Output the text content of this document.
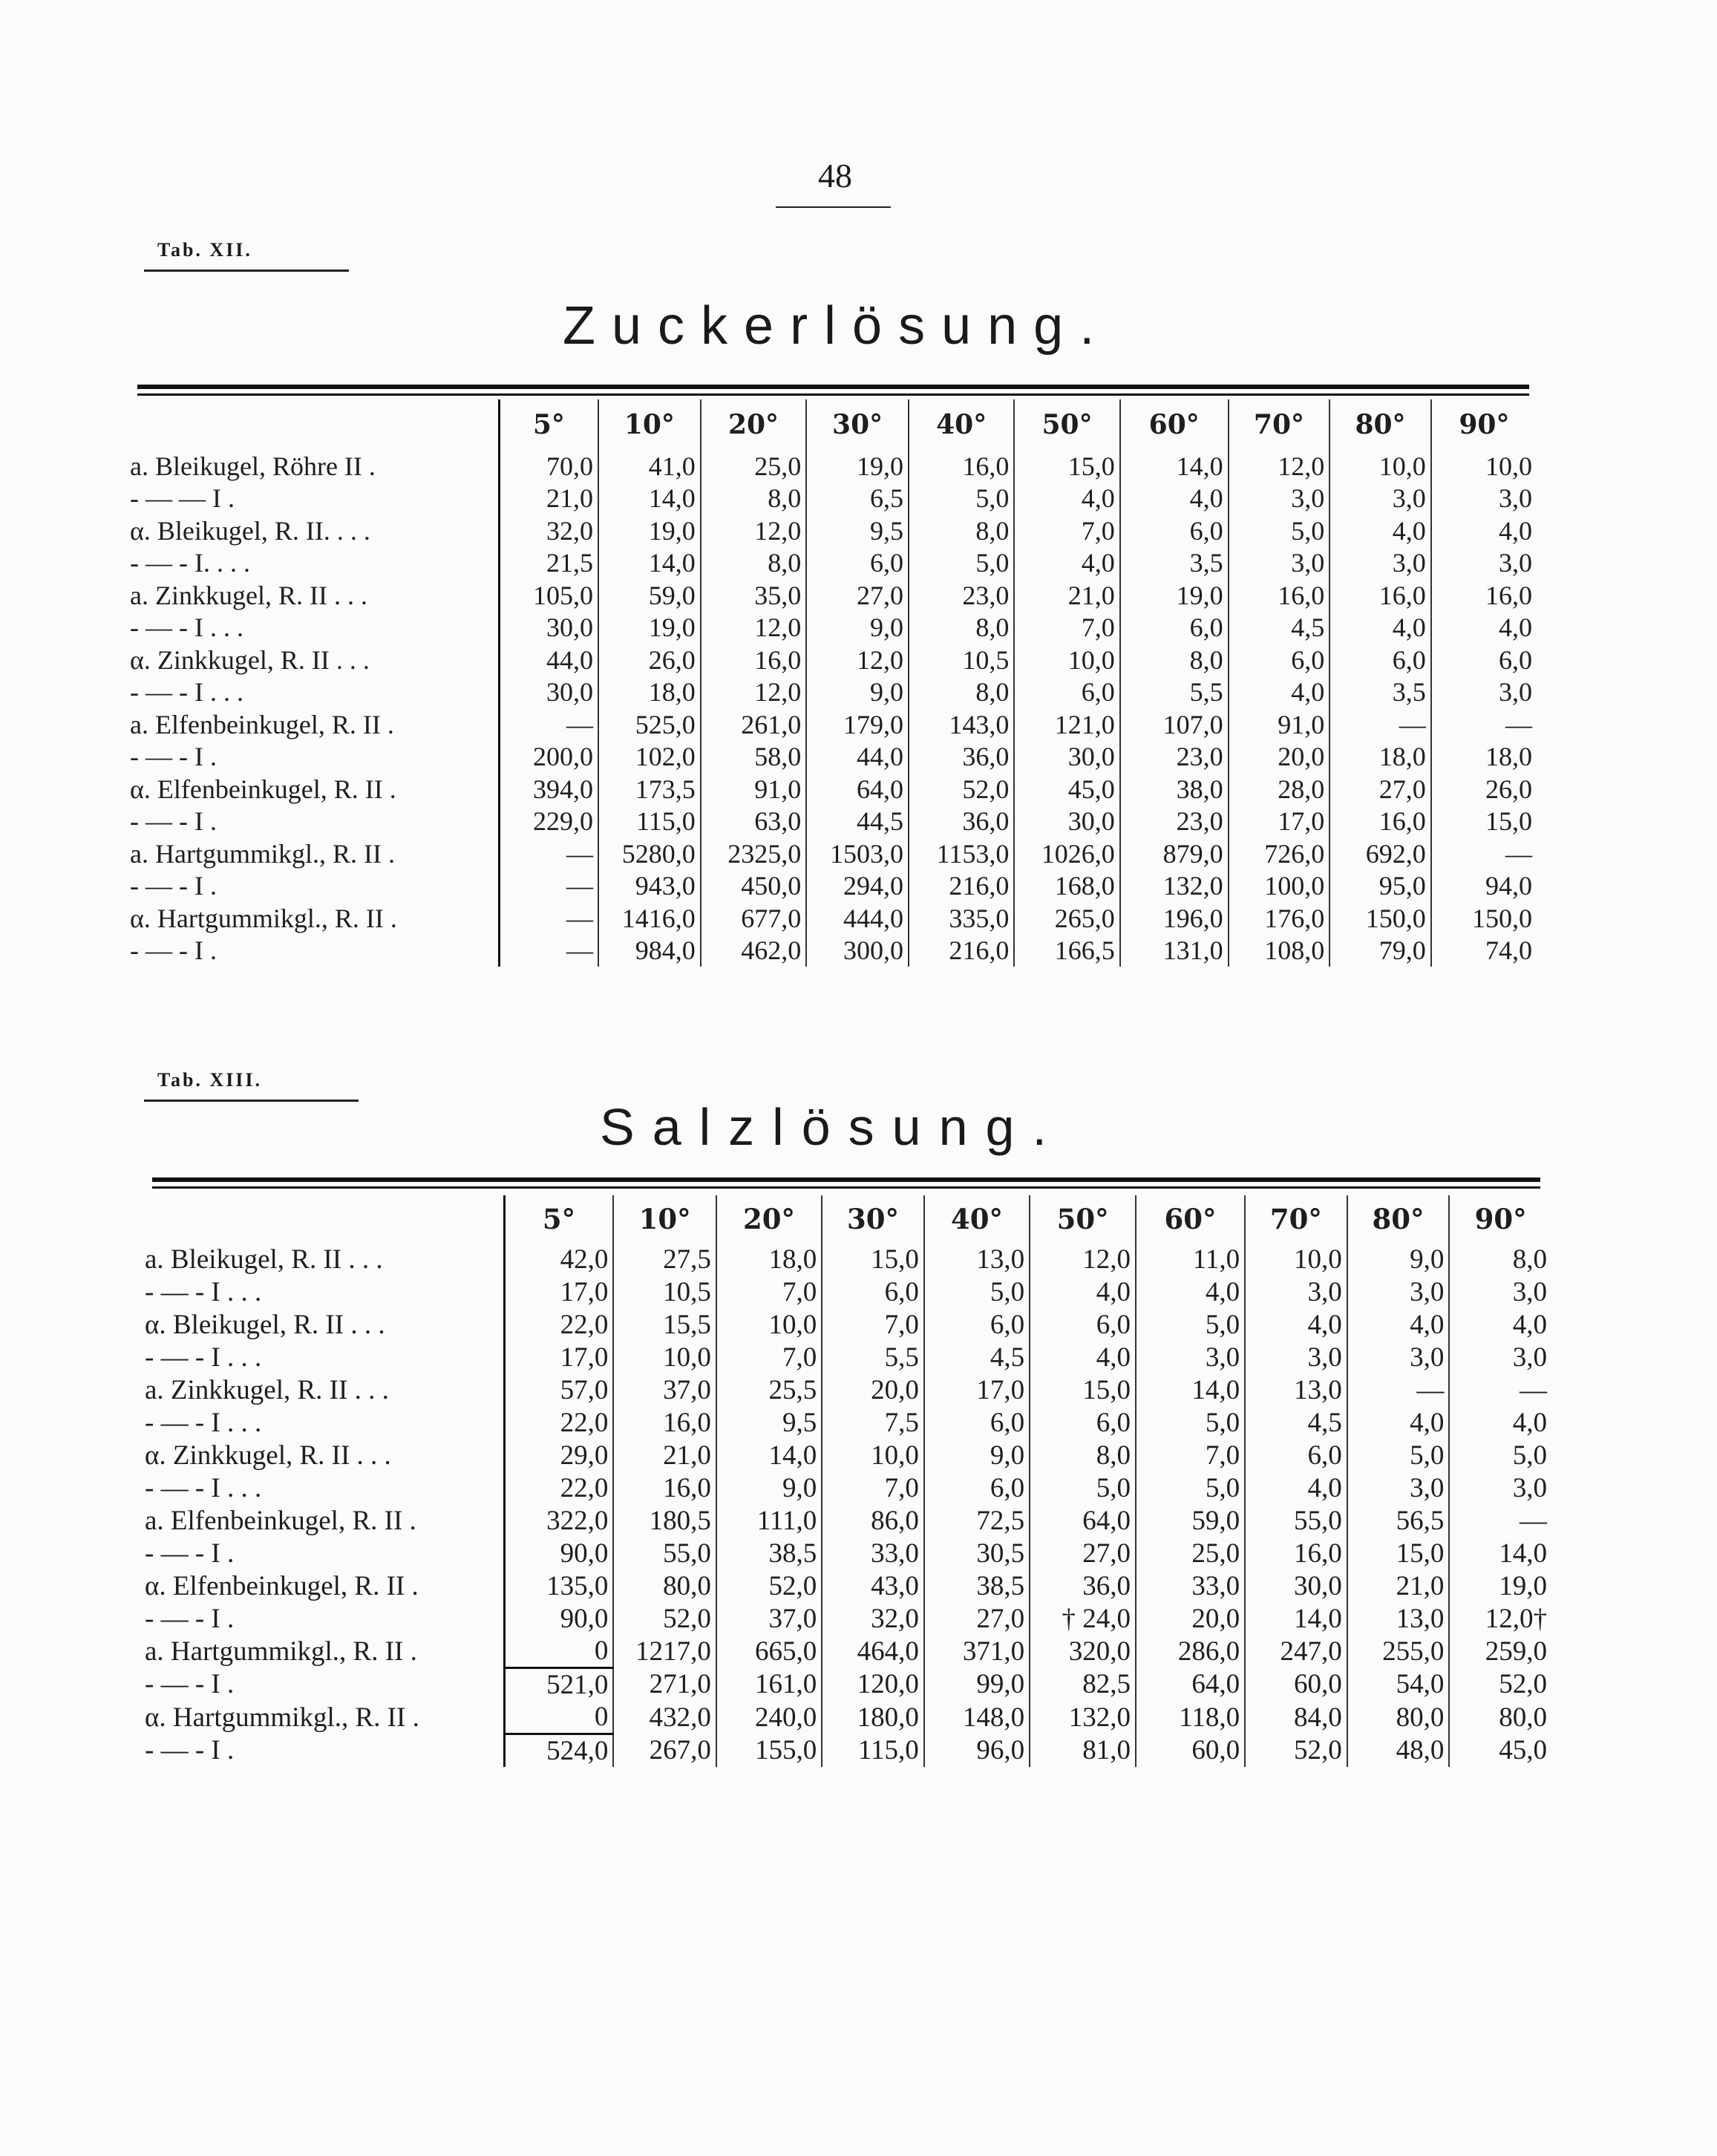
48
Tab. XII.
Zuckerlösung.
	5°	10°	20°	30°	40°	50°	60°	70°	80°	90°
a. Bleikugel, Röhre II .	70,0	41,0	25,0	19,0	16,0	15,0	14,0	12,0	10,0	10,0
- — — I .	21,0	14,0	8,0	6,5	5,0	4,0	4,0	3,0	3,0	3,0
α. Bleikugel, R. II. . . .	32,0	19,0	12,0	9,5	8,0	7,0	6,0	5,0	4,0	4,0
- — - I. . . .	21,5	14,0	8,0	6,0	5,0	4,0	3,5	3,0	3,0	3,0
a. Zinkkugel, R. II . . .	105,0	59,0	35,0	27,0	23,0	21,0	19,0	16,0	16,0	16,0
- — - I . . .	30,0	19,0	12,0	9,0	8,0	7,0	6,0	4,5	4,0	4,0
α. Zinkkugel, R. II . . .	44,0	26,0	16,0	12,0	10,5	10,0	8,0	6,0	6,0	6,0
- — - I . . .	30,0	18,0	12,0	9,0	8,0	6,0	5,5	4,0	3,5	3,0
a. Elfenbeinkugel, R. II .	—	525,0	261,0	179,0	143,0	121,0	107,0	91,0	—	—
- — - I .	200,0	102,0	58,0	44,0	36,0	30,0	23,0	20,0	18,0	18,0
α. Elfenbeinkugel, R. II .	394,0	173,5	91,0	64,0	52,0	45,0	38,0	28,0	27,0	26,0
- — - I .	229,0	115,0	63,0	44,5	36,0	30,0	23,0	17,0	16,0	15,0
a. Hartgummikgl., R. II .	—	5280,0	2325,0	1503,0	1153,0	1026,0	879,0	726,0	692,0	—
- — - I .	—	943,0	450,0	294,0	216,0	168,0	132,0	100,0	95,0	94,0
α. Hartgummikgl., R. II .	—	1416,0	677,0	444,0	335,0	265,0	196,0	176,0	150,0	150,0
- — - I .	—	984,0	462,0	300,0	216,0	166,5	131,0	108,0	79,0	74,0
Tab. XIII.
Salzlösung.
	5°	10°	20°	30°	40°	50°	60°	70°	80°	90°
a. Bleikugel, R. II . . .	42,0	27,5	18,0	15,0	13,0	12,0	11,0	10,0	9,0	8,0
- — - I . . .	17,0	10,5	7,0	6,0	5,0	4,0	4,0	3,0	3,0	3,0
α. Bleikugel, R. II . . .	22,0	15,5	10,0	7,0	6,0	6,0	5,0	4,0	4,0	4,0
- — - I . . .	17,0	10,0	7,0	5,5	4,5	4,0	3,0	3,0	3,0	3,0
a. Zinkkugel, R. II . . .	57,0	37,0	25,5	20,0	17,0	15,0	14,0	13,0	—	—
- — - I . . .	22,0	16,0	9,5	7,5	6,0	6,0	5,0	4,5	4,0	4,0
α. Zinkkugel, R. II . . .	29,0	21,0	14,0	10,0	9,0	8,0	7,0	6,0	5,0	5,0
- — - I . . .	22,0	16,0	9,0	7,0	6,0	5,0	5,0	4,0	3,0	3,0
a. Elfenbeinkugel, R. II .	322,0	180,5	111,0	86,0	72,5	64,0	59,0	55,0	56,5	—
- — - I .	90,0	55,0	38,5	33,0	30,5	27,0	25,0	16,0	15,0	14,0
α. Elfenbeinkugel, R. II .	135,0	80,0	52,0	43,0	38,5	36,0	33,0	30,0	21,0	19,0
- — - I .	90,0	52,0	37,0	32,0	27,0	† 24,0	20,0	14,0	13,0	12,0†
a. Hartgummikgl., R. II .	0	1217,0	665,0	464,0	371,0	320,0	286,0	247,0	255,0	259,0
- — - I .	521,0	271,0	161,0	120,0	99,0	82,5	64,0	60,0	54,0	52,0
α. Hartgummikgl., R. II .	0	432,0	240,0	180,0	148,0	132,0	118,0	84,0	80,0	80,0
- — - I .	524,0	267,0	155,0	115,0	96,0	81,0	60,0	52,0	48,0	45,0
